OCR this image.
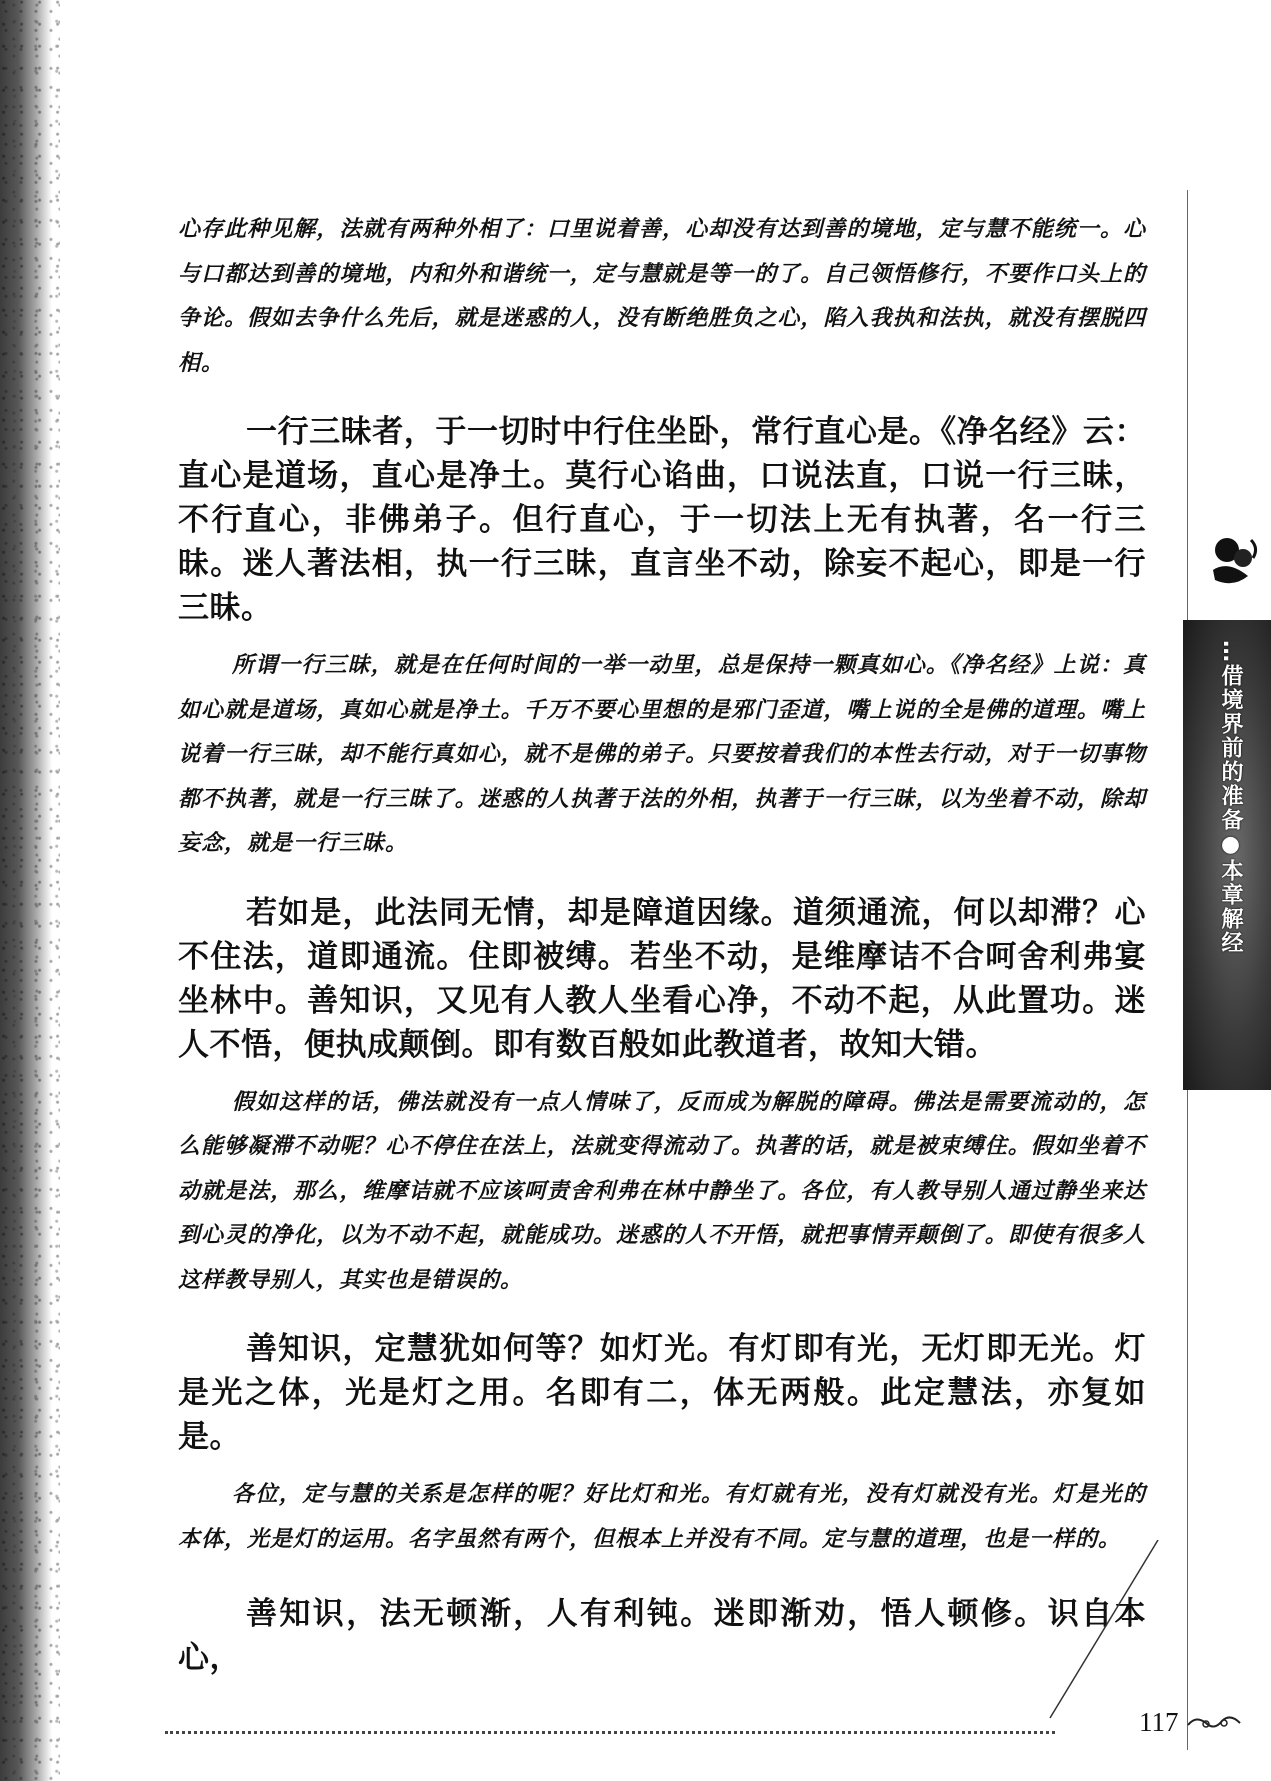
心存此种见解，法就有两种外相了：口里说着善，心却没有达到善的境地，定与慧不能统一。心与口都达到善的境地，内和外和谐统一，定与慧就是等一的了。自己领悟修行，不要作口头上的争论。假如去争什么先后，就是迷惑的人，没有断绝胜负之心，陷入我执和法执，就没有摆脱四相。

一行三昧者，于一切时中行住坐卧，常行直心是。《净名经》云：直心是道场，直心是净土。莫行心谄曲，口说法直，口说一行三昧，不行直心，非佛弟子。但行直心，于一切法上无有执著，名一行三昧。迷人著法相，执一行三昧，直言坐不动，除妄不起心，即是一行三昧。

所谓一行三昧，就是在任何时间的一举一动里，总是保持一颗真如心。《净名经》上说：真如心就是道场，真如心就是净土。千万不要心里想的是邪门歪道，嘴上说的全是佛的道理。嘴上说着一行三昧，却不能行真如心，就不是佛的弟子。只要按着我们的本性去行动，对于一切事物都不执著，就是一行三昧了。迷惑的人执著于法的外相，执著于一行三昧，以为坐着不动，除却妄念，就是一行三昧。

若如是，此法同无情，却是障道因缘。道须通流，何以却滞？心不住法，道即通流。住即被缚。若坐不动，是维摩诘不合呵舍利弗宴坐林中。善知识，又见有人教人坐看心净，不动不起，从此置功。迷人不悟，便执成颠倒。即有数百般如此教道者，故知大错。

假如这样的话，佛法就没有一点人情味了，反而成为解脱的障碍。佛法是需要流动的，怎么能够凝滞不动呢？心不停住在法上，法就变得流动了。执著的话，就是被束缚住。假如坐着不动就是法，那么，维摩诘就不应该呵责舍利弗在林中静坐了。各位，有人教导别人通过静坐来达到心灵的净化，以为不动不起，就能成功。迷惑的人不开悟，就把事情弄颠倒了。即使有很多人这样教导别人，其实也是错误的。

善知识，定慧犹如何等？如灯光。有灯即有光，无灯即无光。灯是光之体，光是灯之用。名即有二，体无两般。此定慧法，亦复如是。

各位，定与慧的关系是怎样的呢？好比灯和光。有灯就有光，没有灯就没有光。灯是光的本体，光是灯的运用。名字虽然有两个，但根本上并没有不同。定与慧的道理，也是一样的。

善知识，法无顿渐，人有利钝。迷即渐劝，悟人顿修。识自本心，

…借境界前的准备●本章解经
117
